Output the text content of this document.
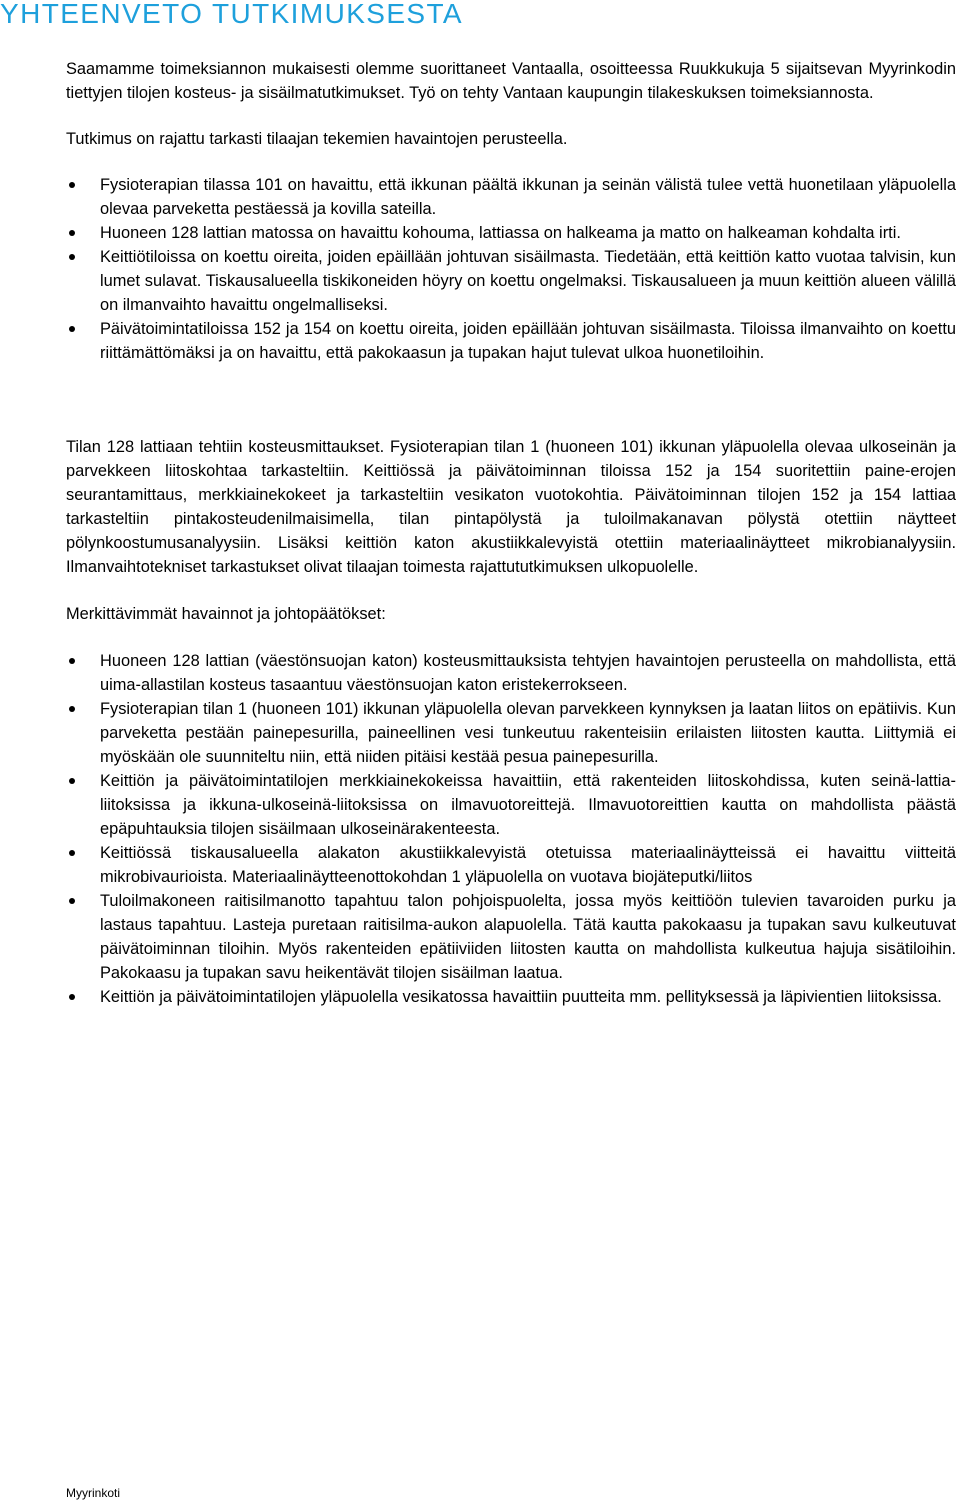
YHTEENVETO TUTKIMUKSESTA

Saamamme toimeksiannon mukaisesti olemme suorittaneet Vantaalla, osoitteessa Ruukkukuja 5 sijaitsevan Myyrinkodin tiettyjen tilojen kosteus- ja sisäilmatutkimukset. Työ on tehty Vantaan kaupungin tilakeskuksen toimeksiannosta.

Tutkimus on rajattu tarkasti tilaajan tekemien havaintojen perusteella.

Fysioterapian tilassa 101 on havaittu, että ikkunan päältä ikkunan ja seinän välistä tulee vettä huonetilaan yläpuolella olevaa parveketta pestäessä ja kovilla sateilla.
Huoneen 128 lattian matossa on havaittu kohouma, lattiassa on halkeama ja matto on halkeaman kohdalta irti.
Keittiötiloissa on koettu oireita, joiden epäillään johtuvan sisäilmasta. Tiedetään, että keittiön katto vuotaa talvisin, kun lumet sulavat. Tiskausalueella tiskikoneiden höyry on koettu ongelmaksi. Tiskausalueen ja muun keittiön alueen välillä on ilmanvaihto havaittu ongelmalliseksi.
Päivätoimintatiloissa 152 ja 154 on koettu oireita, joiden epäillään johtuvan sisäilmasta. Tiloissa ilmanvaihto on koettu riittämättömäksi ja on havaittu, että pakokaasun ja tupakan hajut tulevat ulkoa huonetiloihin.

Tilan 128 lattiaan tehtiin kosteusmittaukset. Fysioterapian tilan 1 (huoneen 101) ikkunan yläpuolella olevaa ulkoseinän ja parvekkeen liitoskohtaa tarkasteltiin. Keittiössä ja päivätoiminnan tiloissa 152 ja 154 suoritettiin paine-erojen seurantamittaus, merkkiainekokeet ja tarkasteltiin vesikaton vuotokohtia. Päivätoiminnan tilojen 152 ja 154 lattiaa tarkasteltiin pintakosteudenilmaisimella, tilan pintapölystä ja tuloilmakanavan pölystä otettiin näytteet pölynkoostumusanalyysiin. Lisäksi keittiön katon akustiikkalevyistä otettiin materiaalinäytteet mikrobianalyysiin. Ilmanvaihtotekniset tarkastukset olivat tilaajan toimesta rajattututkimuksen ulkopuolelle.

Merkittävimmät havainnot ja johtopäätökset:

Huoneen 128 lattian (väestönsuojan katon) kosteusmittauksista tehtyjen havaintojen perusteella on mahdollista, että uima-allastilan kosteus tasaantuu väestönsuojan katon eristekerrokseen.
Fysioterapian tilan 1 (huoneen 101) ikkunan yläpuolella olevan parvekkeen kynnyksen ja laatan liitos on epätiivis. Kun parveketta pestään painepesurilla, paineellinen vesi tunkeutuu rakenteisiin erilaisten liitosten kautta. Liittymiä ei myöskään ole suunniteltu niin, että niiden pitäisi kestää pesua painepesurilla.
Keittiön ja päivätoimintatilojen merkkiainekokeissa havaittiin, että rakenteiden liitoskohdissa, kuten seinä-lattia-liitoksissa ja ikkuna-ulkoseinä-liitoksissa on ilmavuotoreittejä. Ilmavuotoreittien kautta on mahdollista päästä epäpuhtauksia tilojen sisäilmaan ulkoseinärakenteesta.
Keittiössä tiskausalueella alakaton akustiikkalevyistä otetuissa materiaalinäytteissä ei havaittu viitteitä mikrobivaurioista. Materiaalinäytteenottokohdan 1 yläpuolella on vuotava biojäteputki/liitos
Tuloilmakoneen raitisilmanotto tapahtuu talon pohjoispuolelta, jossa myös keittiöön tulevien tavaroiden purku ja lastaus tapahtuu. Lasteja puretaan raitisilma-aukon alapuolella. Tätä kautta pakokaasu ja tupakan savu kulkeutuvat päivätoiminnan tiloihin. Myös rakenteiden epätiiviiden liitosten kautta on mahdollista kulkeutua hajuja sisätiloihin. Pakokaasu ja tupakan savu heikentävät tilojen sisäilman laatua.
Keittiön ja päivätoimintatilojen yläpuolella vesikatossa havaittiin puutteita mm. pellityksessä ja läpivientien liitoksissa.
Myyrinkoti
